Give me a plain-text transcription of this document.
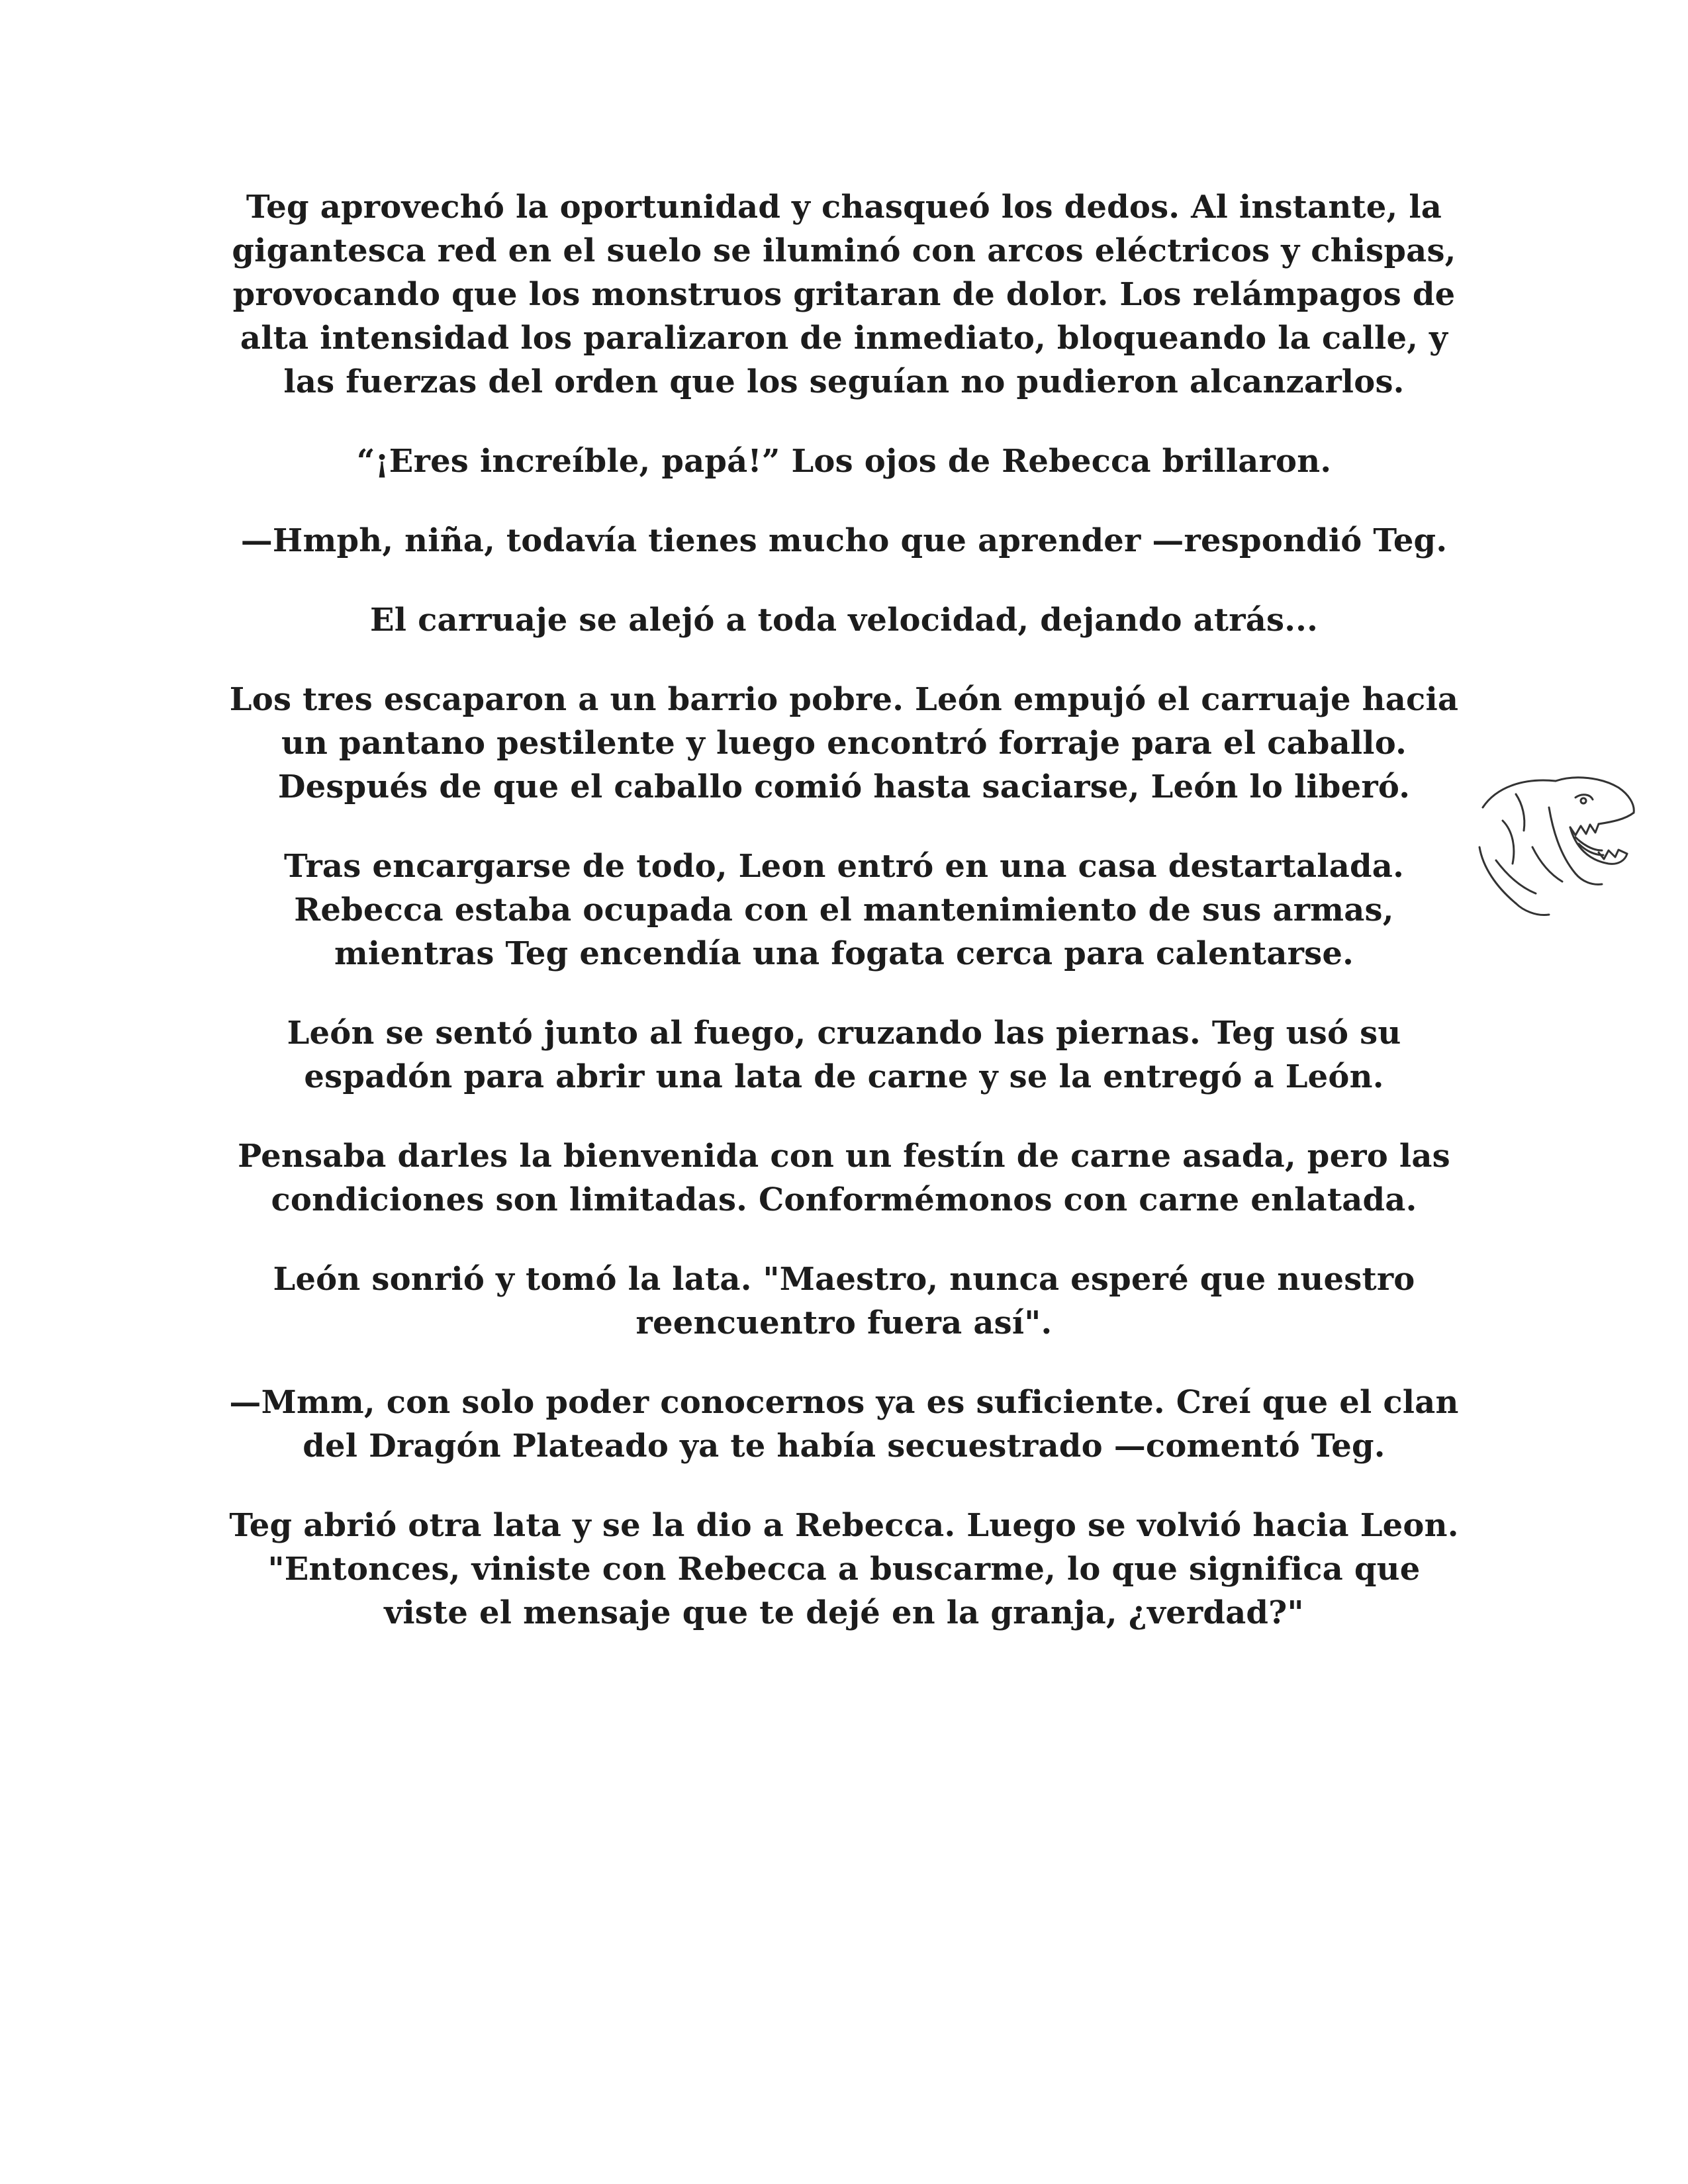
Teg aprovechó la oportunidad y chasqueó los dedos. Al instante, la gigantesca red en el suelo se iluminó con arcos eléctricos y chispas, provocando que los monstruos gritaran de dolor. Los relámpagos de alta intensidad los paralizaron de inmediato, bloqueando la calle, y las fuerzas del orden que los seguían no pudieron alcanzarlos.

“¡Eres increíble, papá!” Los ojos de Rebecca brillaron.

—Hmph, niña, todavía tienes mucho que aprender —respondió Teg.

El carruaje se alejó a toda velocidad, dejando atrás...

Los tres escaparon a un barrio pobre. León empujó el carruaje hacia un pantano pestilente y luego encontró forraje para el caballo. Después de que el caballo comió hasta saciarse, León lo liberó.

Tras encargarse de todo, Leon entró en una casa destartalada. Rebecca estaba ocupada con el mantenimiento de sus armas, mientras Teg encendía una fogata cerca para calentarse.

León se sentó junto al fuego, cruzando las piernas. Teg usó su espadón para abrir una lata de carne y se la entregó a León.

Pensaba darles la bienvenida con un festín de carne asada, pero las condiciones son limitadas. Conformémonos con carne enlatada.

León sonrió y tomó la lata. "Maestro, nunca esperé que nuestro reencuentro fuera así".

—Mmm, con solo poder conocernos ya es suficiente. Creí que el clan del Dragón Plateado ya te había secuestrado —comentó Teg.

Teg abrió otra lata y se la dio a Rebecca. Luego se volvió hacia Leon. "Entonces, viniste con Rebecca a buscarme, lo que significa que viste el mensaje que te dejé en la granja, ¿verdad?"
